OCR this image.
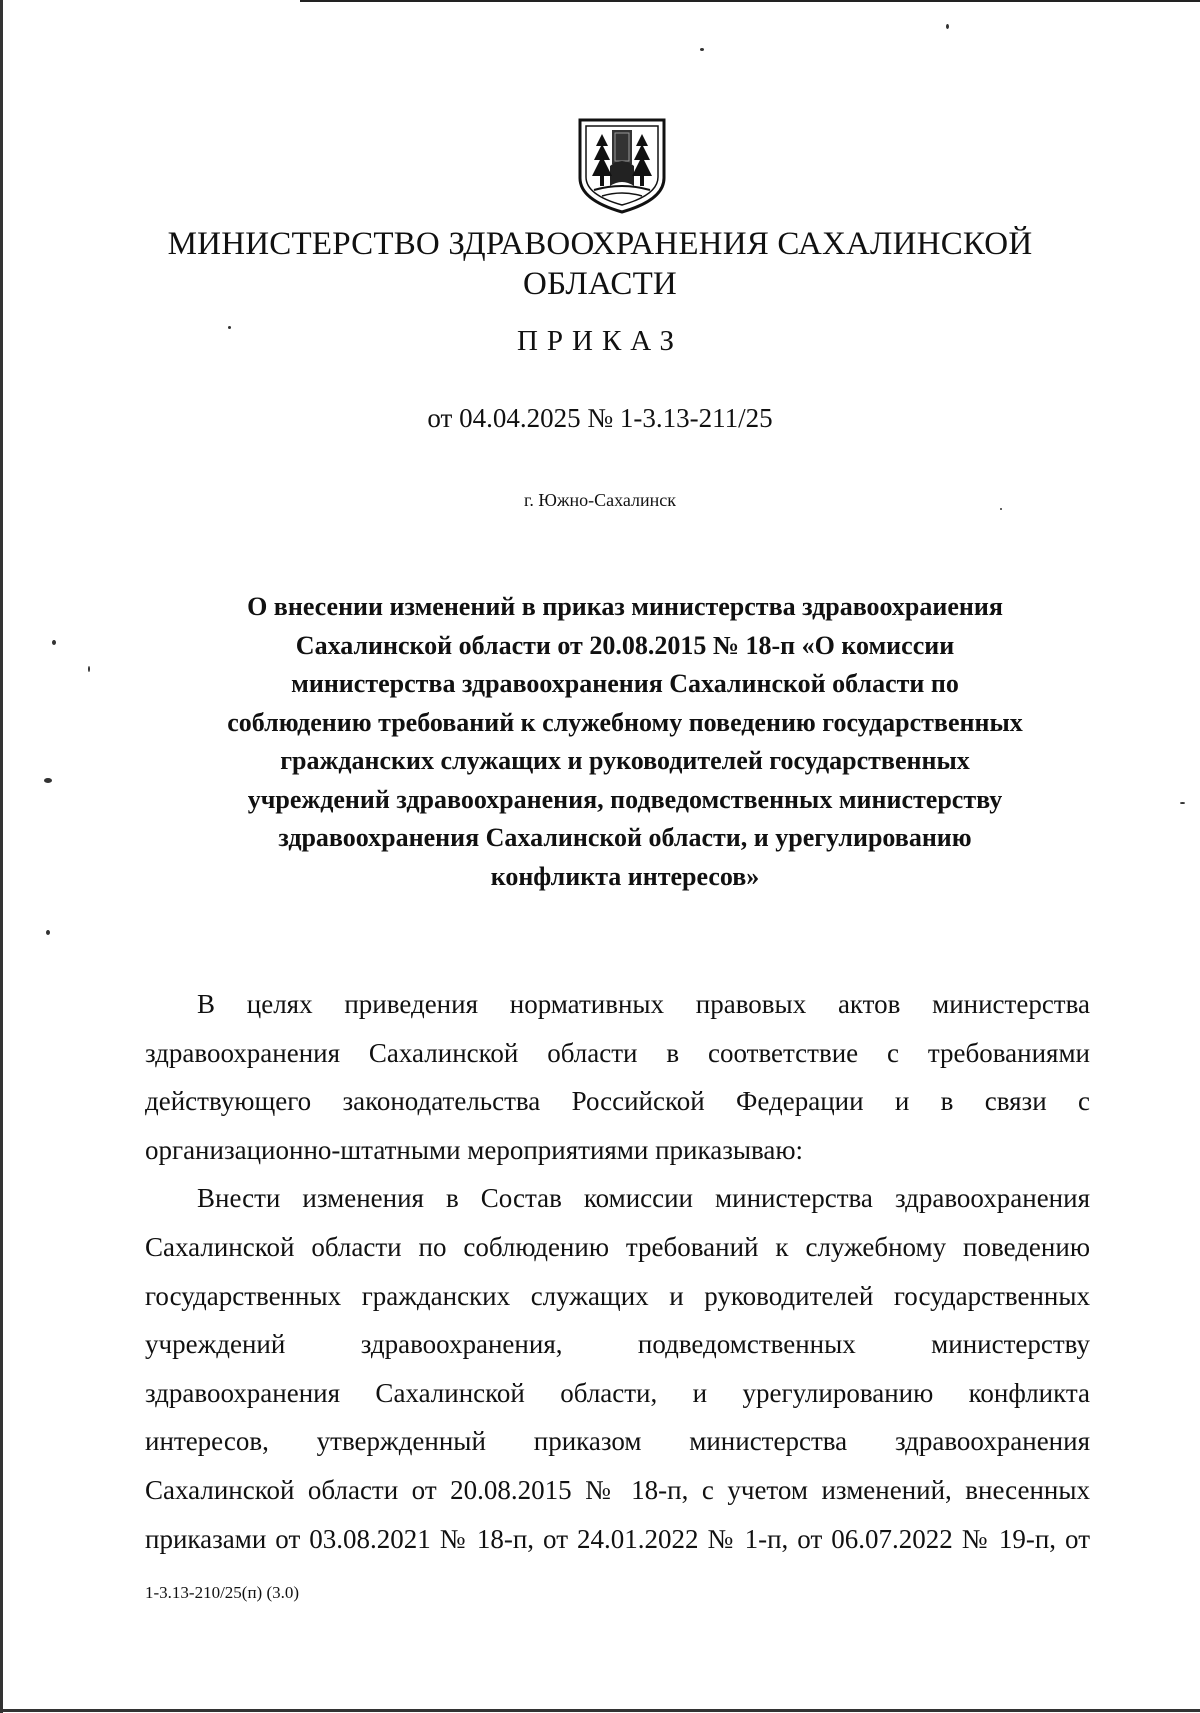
МИНИСТЕРСТВО ЗДРАВООХРАНЕНИЯ САХАЛИНСКОЙ
ОБЛАСТИ
ПРИКАЗ
от 04.04.2025 № 1-3.13-211/25
г. Южно-Сахалинск
О внесении изменений в приказ министерства здравоохраиения
Сахалинской области от 20.08.2015 № 18-п «О комиссии
министерства здравоохранения Сахалинской области по
соблюдению требований к служебному поведению государственных
гражданских служащих и руководителей государственных
учреждений здравоохранения, подведомственных министерству
здравоохранения Сахалинской области, и урегулированию
конфликта интересов»
В целях приведения нормативных правовых актов министерства
здравоохранения Сахалинской области в соответствие с требованиями
действующего законодательства Российской Федерации и в связи с
организационно-штатными мероприятиями приказываю:
Внести изменения в Состав комиссии министерства здравоохранения
Сахалинской области по соблюдению требований к служебному поведению
государственных гражданских служащих и руководителей государственных
учреждений здравоохранения, подведомственных министерству
здравоохранения Сахалинской области, и урегулированию конфликта
интересов, утвержденный приказом министерства здравоохранения
Сахалинской области от 20.08.2015 № 18-п, с учетом изменений, внесенных
приказами от 03.08.2021 № 18-п, от 24.01.2022 № 1-п, от 06.07.2022 № 19-п, от
1-3.13-210/25(п) (3.0)
